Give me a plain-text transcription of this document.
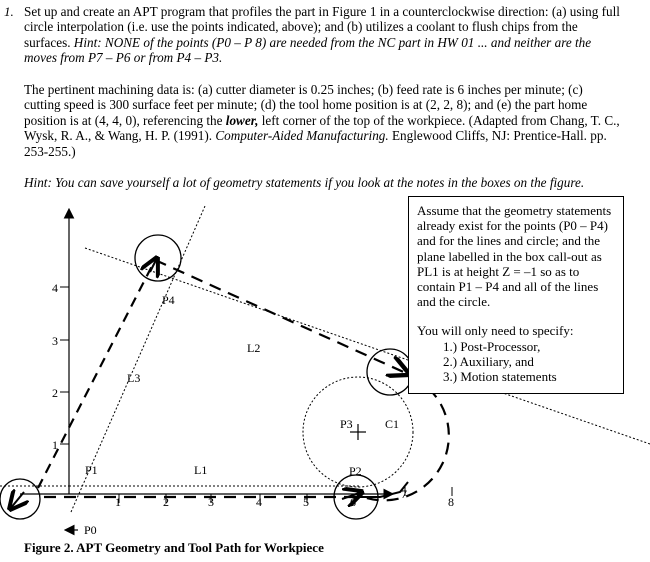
1. Set up and create an APT program that profiles the part in Figure 1 in a counterclockwise direction: (a) using full circle interpolation (i.e. use the points indicated, above); and (b) utilizes a coolant to flush chips from the surfaces. Hint: NONE of the points (P0 – P 8) are needed from the NC part in HW 01 ... and neither are the moves from P7 – P6 or from P4 – P3.

The pertinent machining data is: (a) cutter diameter is 0.25 inches; (b) feed rate is 6 inches per minute; (c) cutting speed is 300 surface feet per minute; (d) the tool home position is at (2, 2, 8); and (e) the part home position is at (4, 4, 0), referencing the lower, left corner of the top of the workpiece. (Adapted from Chang, T. C., Wysk, R. A., & Wang, H. P. (1991). Computer-Aided Manufacturing. Englewood Cliffs, NJ: Prentice-Hall. pp. 253-255.)

Hint: You can save yourself a lot of geometry statements if you look at the notes in the boxes on the figure.

4
3
2
1
1	2	3	4	5	6
7
8
P4
L2
L3
P3	C1
P1	L1	P2
P0

Assume that the geometry statements already exist for the points (P0 – P4) and for the lines and circle; and the plane labelled in the box call-out as PL1 is at height Z = –1 so as to contain P1 – P4 and all of the lines and the circle.

You will only need to specify:

1.) Post-Processor,
2.) Auxiliary, and
3.) Motion statements
Figure 2. APT Geometry and Tool Path for Workpiece
